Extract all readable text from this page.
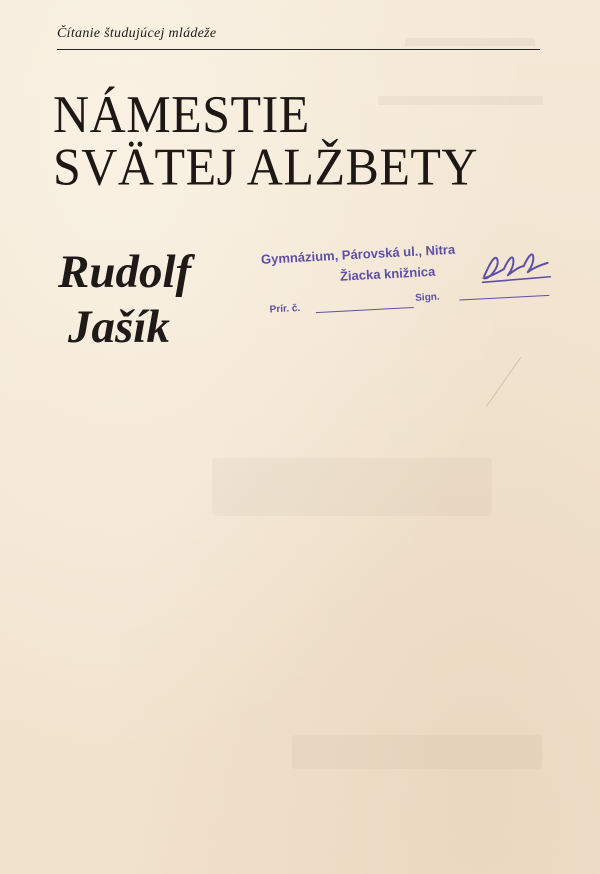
Čítanie študujúcej mládeže
NÁMESTIE
SVÄTEJ ALŽBETY
Rudolf
Jašík
Gymnázium, Párovská ul., Nitra
Žiacka knižnica
Prír. č.
Sign.
